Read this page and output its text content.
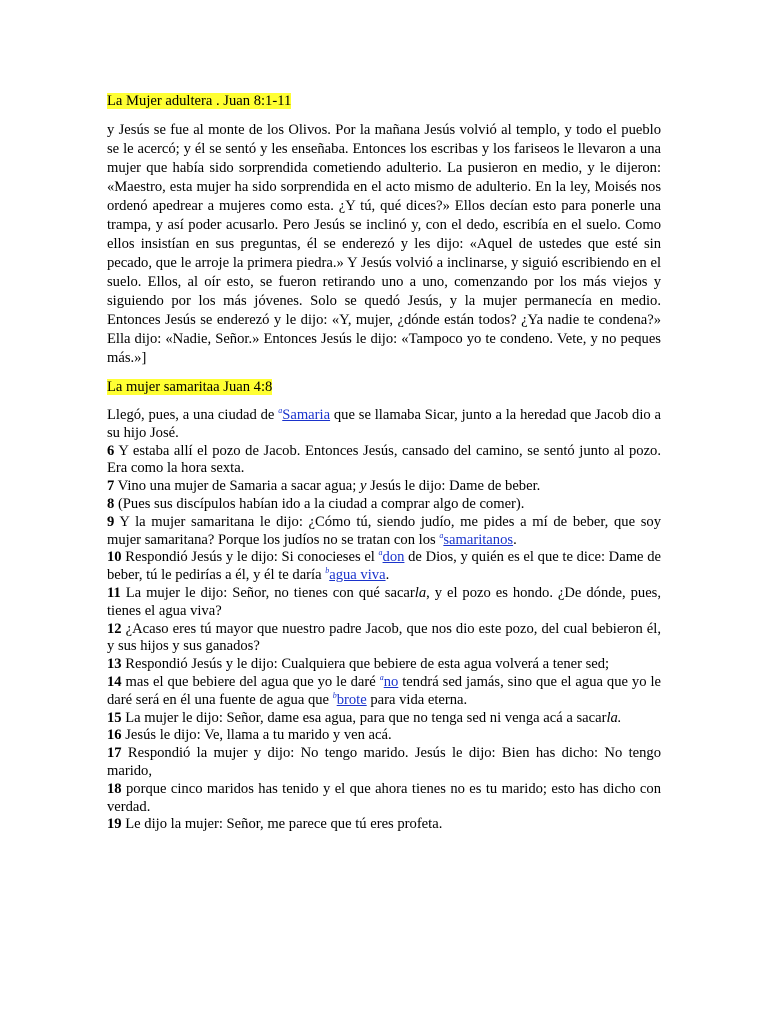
La Mujer adultera . Juan 8:1-11

y Jesús se fue al monte de los Olivos. Por la mañana Jesús volvió al templo, y todo el pueblo se le acercó; y él se sentó y les enseñaba. Entonces los escribas y los fariseos le llevaron a una mujer que había sido sorprendida cometiendo adulterio. La pusieron en medio, y le dijeron: «Maestro, esta mujer ha sido sorprendida en el acto mismo de adulterio. En la ley, Moisés nos ordenó apedrear a mujeres como esta. ¿Y tú, qué dices?» Ellos decían esto para ponerle una trampa, y así poder acusarlo. Pero Jesús se inclinó y, con el dedo, escribía en el suelo. Como ellos insistían en sus preguntas, él se enderezó y les dijo: «Aquel de ustedes que esté sin pecado, que le arroje la primera piedra.» Y Jesús volvió a inclinarse, y siguió escribiendo en el suelo. Ellos, al oír esto, se fueron retirando uno a uno, comenzando por los más viejos y siguiendo por los más jóvenes. Solo se quedó Jesús, y la mujer permanecía en medio. Entonces Jesús se enderezó y le dijo: «Y, mujer, ¿dónde están todos? ¿Ya nadie te condena?» Ella dijo: «Nadie, Señor.» Entonces Jesús le dijo: «Tampoco yo te condeno. Vete, y no peques más.»]

La mujer samaritaa Juan 4:8

Llegó, pues, a una ciudad de $^a$Samaria que se llamaba Sicar, junto a la heredad que Jacob dio a su hijo José.
6 Y estaba allí el pozo de Jacob. Entonces Jesús, cansado del camino, se sentó junto al pozo. Era como la hora sexta.
7 Vino una mujer de Samaria a sacar agua; y Jesús le dijo: Dame de beber.
8 (Pues sus discípulos habían ido a la ciudad a comprar algo de comer).
9 Y la mujer samaritana le dijo: ¿Cómo tú, siendo judío, me pides a mí de beber, que soy mujer samaritana? Porque los judíos no se tratan con los $^a$samaritanos.
10 Respondió Jesús y le dijo: Si conocieses el $^a$don de Dios, y quién es el que te dice: Dame de beber, tú le pedirías a él, y él te daría $^b$agua viva.
11 La mujer le dijo: Señor, no tienes con qué sacarla, y el pozo es hondo. ¿De dónde, pues, tienes el agua viva?
12 ¿Acaso eres tú mayor que nuestro padre Jacob, que nos dio este pozo, del cual bebieron él, y sus hijos y sus ganados?
13 Respondió Jesús y le dijo: Cualquiera que bebiere de esta agua volverá a tener sed;
14 mas el que bebiere del agua que yo le daré $^a$no tendrá sed jamás, sino que el agua que yo le daré será en él una fuente de agua que $^b$brote para vida eterna.
15 La mujer le dijo: Señor, dame esa agua, para que no tenga sed ni venga acá a sacarla.
16 Jesús le dijo: Ve, llama a tu marido y ven acá.
17 Respondió la mujer y dijo: No tengo marido. Jesús le dijo: Bien has dicho: No tengo marido,
18 porque cinco maridos has tenido y el que ahora tienes no es tu marido; esto has dicho con verdad.
19 Le dijo la mujer: Señor, me parece que tú eres profeta.
